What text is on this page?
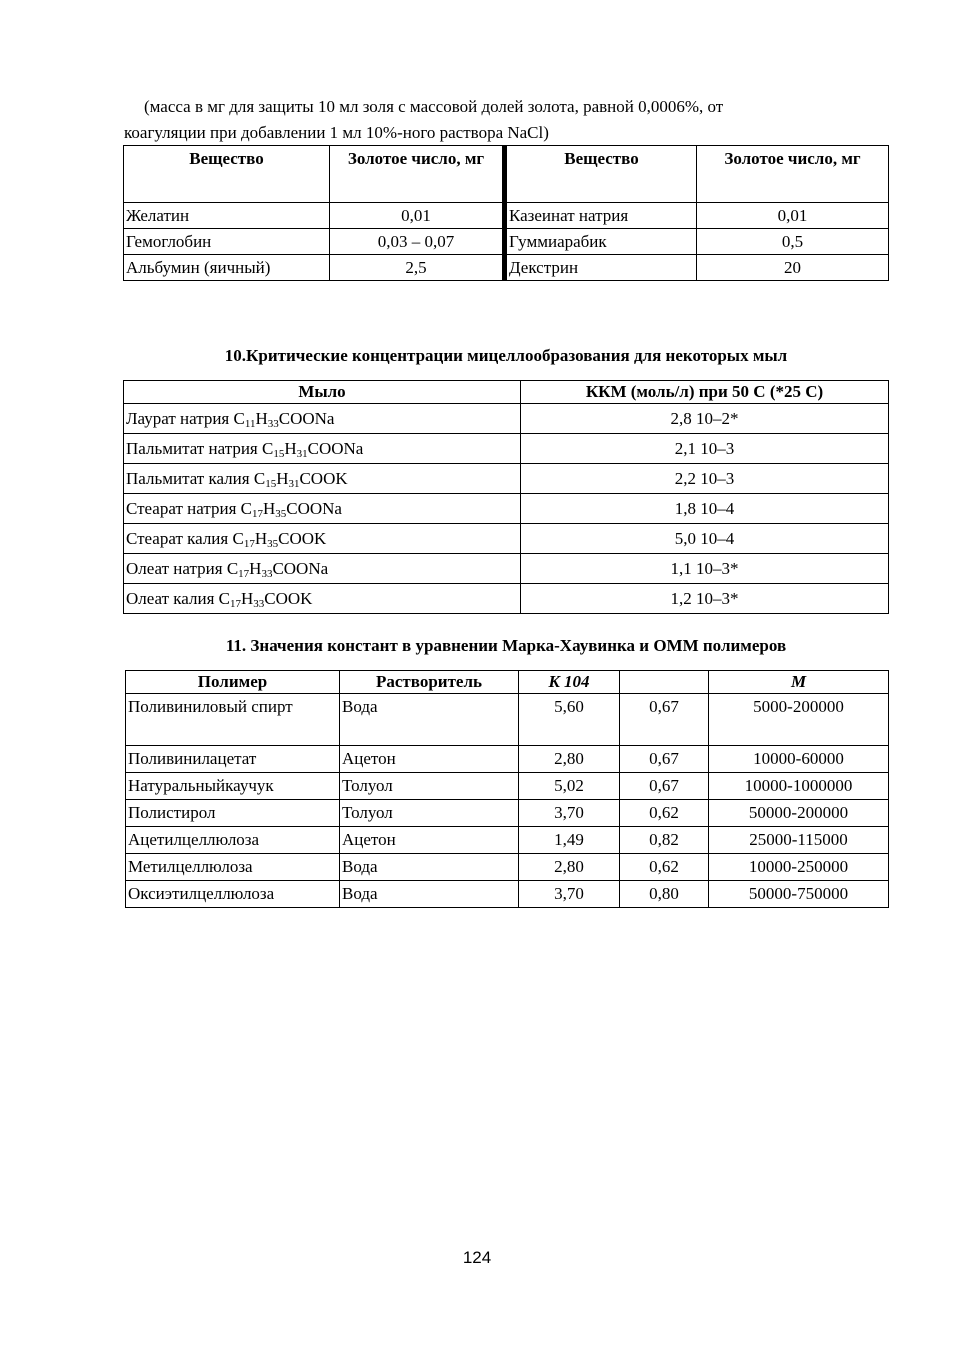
(масса в мг для защиты 10 мл золя с массовой долей золота, равной 0,0006%, от
коагуляции при добавлении 1 мл 10%-ного раствора NaCl)
Вещество	Золотое число, мг	Вещество	Золотое число, мг
Желатин	0,01	Казеинат натрия	0,01
Гемоглобин	0,03 – 0,07	Гуммиарабик	0,5
Альбумин (яичный)	2,5	Декстрин	20
10.Критические концентрации мицеллообразования для некоторых мыл
Мыло	ККМ (моль/л) при 50 С (*25 С)
Лаурат натрия $C_{11}H_{33}COONa$	2,8 10–2*
Пальмитат натрия $C_{15}H_{31}COONa$	2,1 10–3
Пальмитат калия $C_{15}H_{31}COOK$	2,2 10–3
Стеарат натрия $C_{17}H_{35}COONa$	1,8 10–4
Стеарат калия $C_{17}H_{35}COOK$	5,0 10–4
Олеат натрия $C_{17}H_{33}COONa$	1,1 10–3*
Олеат калия $C_{17}H_{33}COOK$	1,2 10–3*
11. Значения констант в уравнении Марка-Хаувинка и ОММ полимеров
Полимер	Растворитель	K 104		M
Поливиниловый спирт	Вода	5,60	0,67	5000-200000
Поливинилацетат	Ацетон	2,80	0,67	10000-60000
Натуральныйкаучук	Толуол	5,02	0,67	10000-1000000
Полистирол	Толуол	3,70	0,62	50000-200000
Ацетилцеллюлоза	Ацетон	1,49	0,82	25000-115000
Метилцеллюлоза	Вода	2,80	0,62	10000-250000
Оксиэтилцеллюлоза	Вода	3,70	0,80	50000-750000
124
